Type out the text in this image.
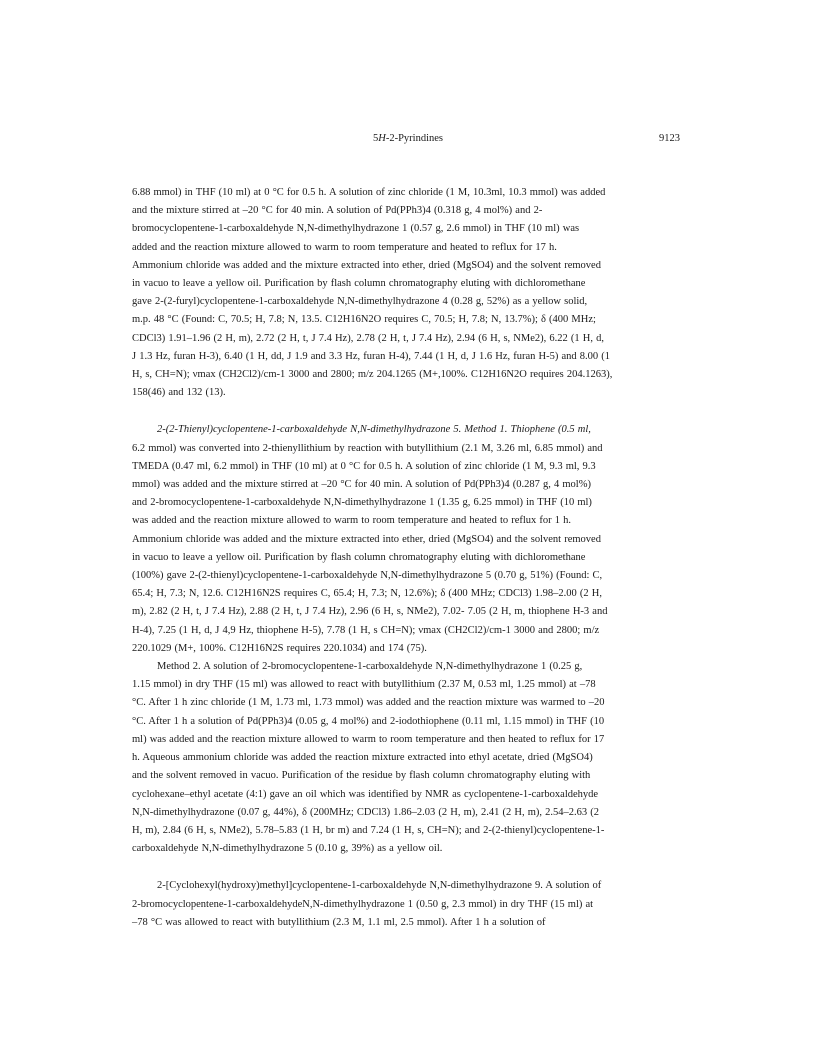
5H-2-Pyrindines	9123
6.88 mmol) in THF (10 ml) at 0 °C for 0.5 h. A solution of zinc chloride (1 M, 10.3ml, 10.3 mmol) was added
and the mixture stirred at –20 °C for 40 min. A solution of Pd(PPh3)4 (0.318 g, 4 mol%) and 2-
bromocyclopentene-1-carboxaldehyde N,N-dimethylhydrazone 1 (0.57 g, 2.6 mmol) in THF (10 ml) was
added and the reaction mixture allowed to warm to room temperature and heated to reflux for 17 h.
Ammonium chloride was added and the mixture extracted into ether, dried (MgSO4) and the solvent removed
in vacuo to leave a yellow oil. Purification by flash column chromatography eluting with dichloromethane
gave 2-(2-furyl)cyclopentene-1-carboxaldehyde N,N-dimethylhydrazone 4 (0.28 g, 52%) as a yellow solid,
m.p. 48 °C (Found: C, 70.5; H, 7.8; N, 13.5. C12H16N2O requires C, 70.5; H, 7.8; N, 13.7%); δ (400 MHz;
CDCl3) 1.91–1.96 (2 H, m), 2.72 (2 H, t, J 7.4 Hz), 2.78 (2 H, t, J 7.4 Hz), 2.94 (6 H, s, NMe2), 6.22 (1 H, d,
J 1.3 Hz, furan H-3), 6.40 (1 H, dd, J 1.9 and 3.3 Hz, furan H-4), 7.44 (1 H, d, J 1.6 Hz, furan H-5) and 8.00 (1
H, s, CH=N); νmax (CH2Cl2)/cm-1 3000 and 2800; m/z 204.1265 (M+,100%. C12H16N2O requires 204.1263),
158(46) and 132 (13).
2-(2-Thienyl)cyclopentene-1-carboxaldehyde N,N-dimethylhydrazone 5. Method 1. Thiophene (0.5 ml,
6.2 mmol) was converted into 2-thienyllithium by reaction with butyllithium (2.1 M, 3.26 ml, 6.85 mmol) and
TMEDA (0.47 ml, 6.2 mmol) in THF (10 ml) at 0 °C for 0.5 h. A solution of zinc chloride (1 M, 9.3 ml, 9.3
mmol) was added and the mixture stirred at –20 °C for 40 min. A solution of Pd(PPh3)4 (0.287 g, 4 mol%)
and 2-bromocyclopentene-1-carboxaldehyde N,N-dimethylhydrazone 1 (1.35 g, 6.25 mmol) in THF (10 ml)
was added and the reaction mixture allowed to warm to room temperature and heated to reflux for 1 h.
Ammonium chloride was added and the mixture extracted into ether, dried (MgSO4) and the solvent removed
in vacuo to leave a yellow oil. Purification by flash column chromatography eluting with dichloromethane
(100%) gave 2-(2-thienyl)cyclopentene-1-carboxaldehyde N,N-dimethylhydrazone 5 (0.70 g, 51%) (Found: C,
65.4; H, 7.3; N, 12.6. C12H16N2S requires C, 65.4; H, 7.3; N, 12.6%); δ (400 MHz; CDCl3) 1.98–2.00 (2 H,
m), 2.82 (2 H, t, J 7.4 Hz), 2.88 (2 H, t, J 7.4 Hz), 2.96 (6 H, s, NMe2), 7.02- 7.05 (2 H, m, thiophene H-3 and
H-4), 7.25 (1 H, d, J 4,9 Hz, thiophene H-5), 7.78 (1 H, s CH=N); νmax (CH2Cl2)/cm-1 3000 and 2800; m/z
220.1029 (M+, 100%. C12H16N2S requires 220.1034) and 174 (75).
Method 2. A solution of 2-bromocyclopentene-1-carboxaldehyde N,N-dimethylhydrazone 1 (0.25 g,
1.15 mmol) in dry THF (15 ml) was allowed to react with butyllithium (2.37 M, 0.53 ml, 1.25 mmol) at –78
°C. After 1 h zinc chloride (1 M, 1.73 ml, 1.73 mmol) was added and the reaction mixture was warmed to –20
°C. After 1 h a solution of Pd(PPh3)4 (0.05 g, 4 mol%) and 2-iodothiophene (0.11 ml, 1.15 mmol) in THF (10
ml) was added and the reaction mixture allowed to warm to room temperature and then heated to reflux for 17
h. Aqueous ammonium chloride was added the reaction mixture extracted into ethyl acetate, dried (MgSO4)
and the solvent removed in vacuo. Purification of the residue by flash column chromatography eluting with
cyclohexane–ethyl acetate (4:1) gave an oil which was identified by NMR as cyclopentene-1-carboxaldehyde
N,N-dimethylhydrazone (0.07 g, 44%), δ (200MHz; CDCl3) 1.86–2.03 (2 H, m), 2.41 (2 H, m), 2.54–2.63 (2
H, m), 2.84 (6 H, s, NMe2), 5.78–5.83 (1 H, br m) and 7.24 (1 H, s, CH=N); and 2-(2-thienyl)cyclopentene-1-
carboxaldehyde N,N-dimethylhydrazone 5 (0.10 g, 39%) as a yellow oil.
2-[Cyclohexyl(hydroxy)methyl]cyclopentene-1-carboxaldehyde N,N-dimethylhydrazone 9. A solution of
2-bromocyclopentene-1-carboxaldehydeN,N-dimethylhydrazone 1 (0.50 g, 2.3 mmol) in dry THF (15 ml) at
–78 °C was allowed to react with butyllithium (2.3 M, 1.1 ml, 2.5 mmol). After 1 h a solution of
